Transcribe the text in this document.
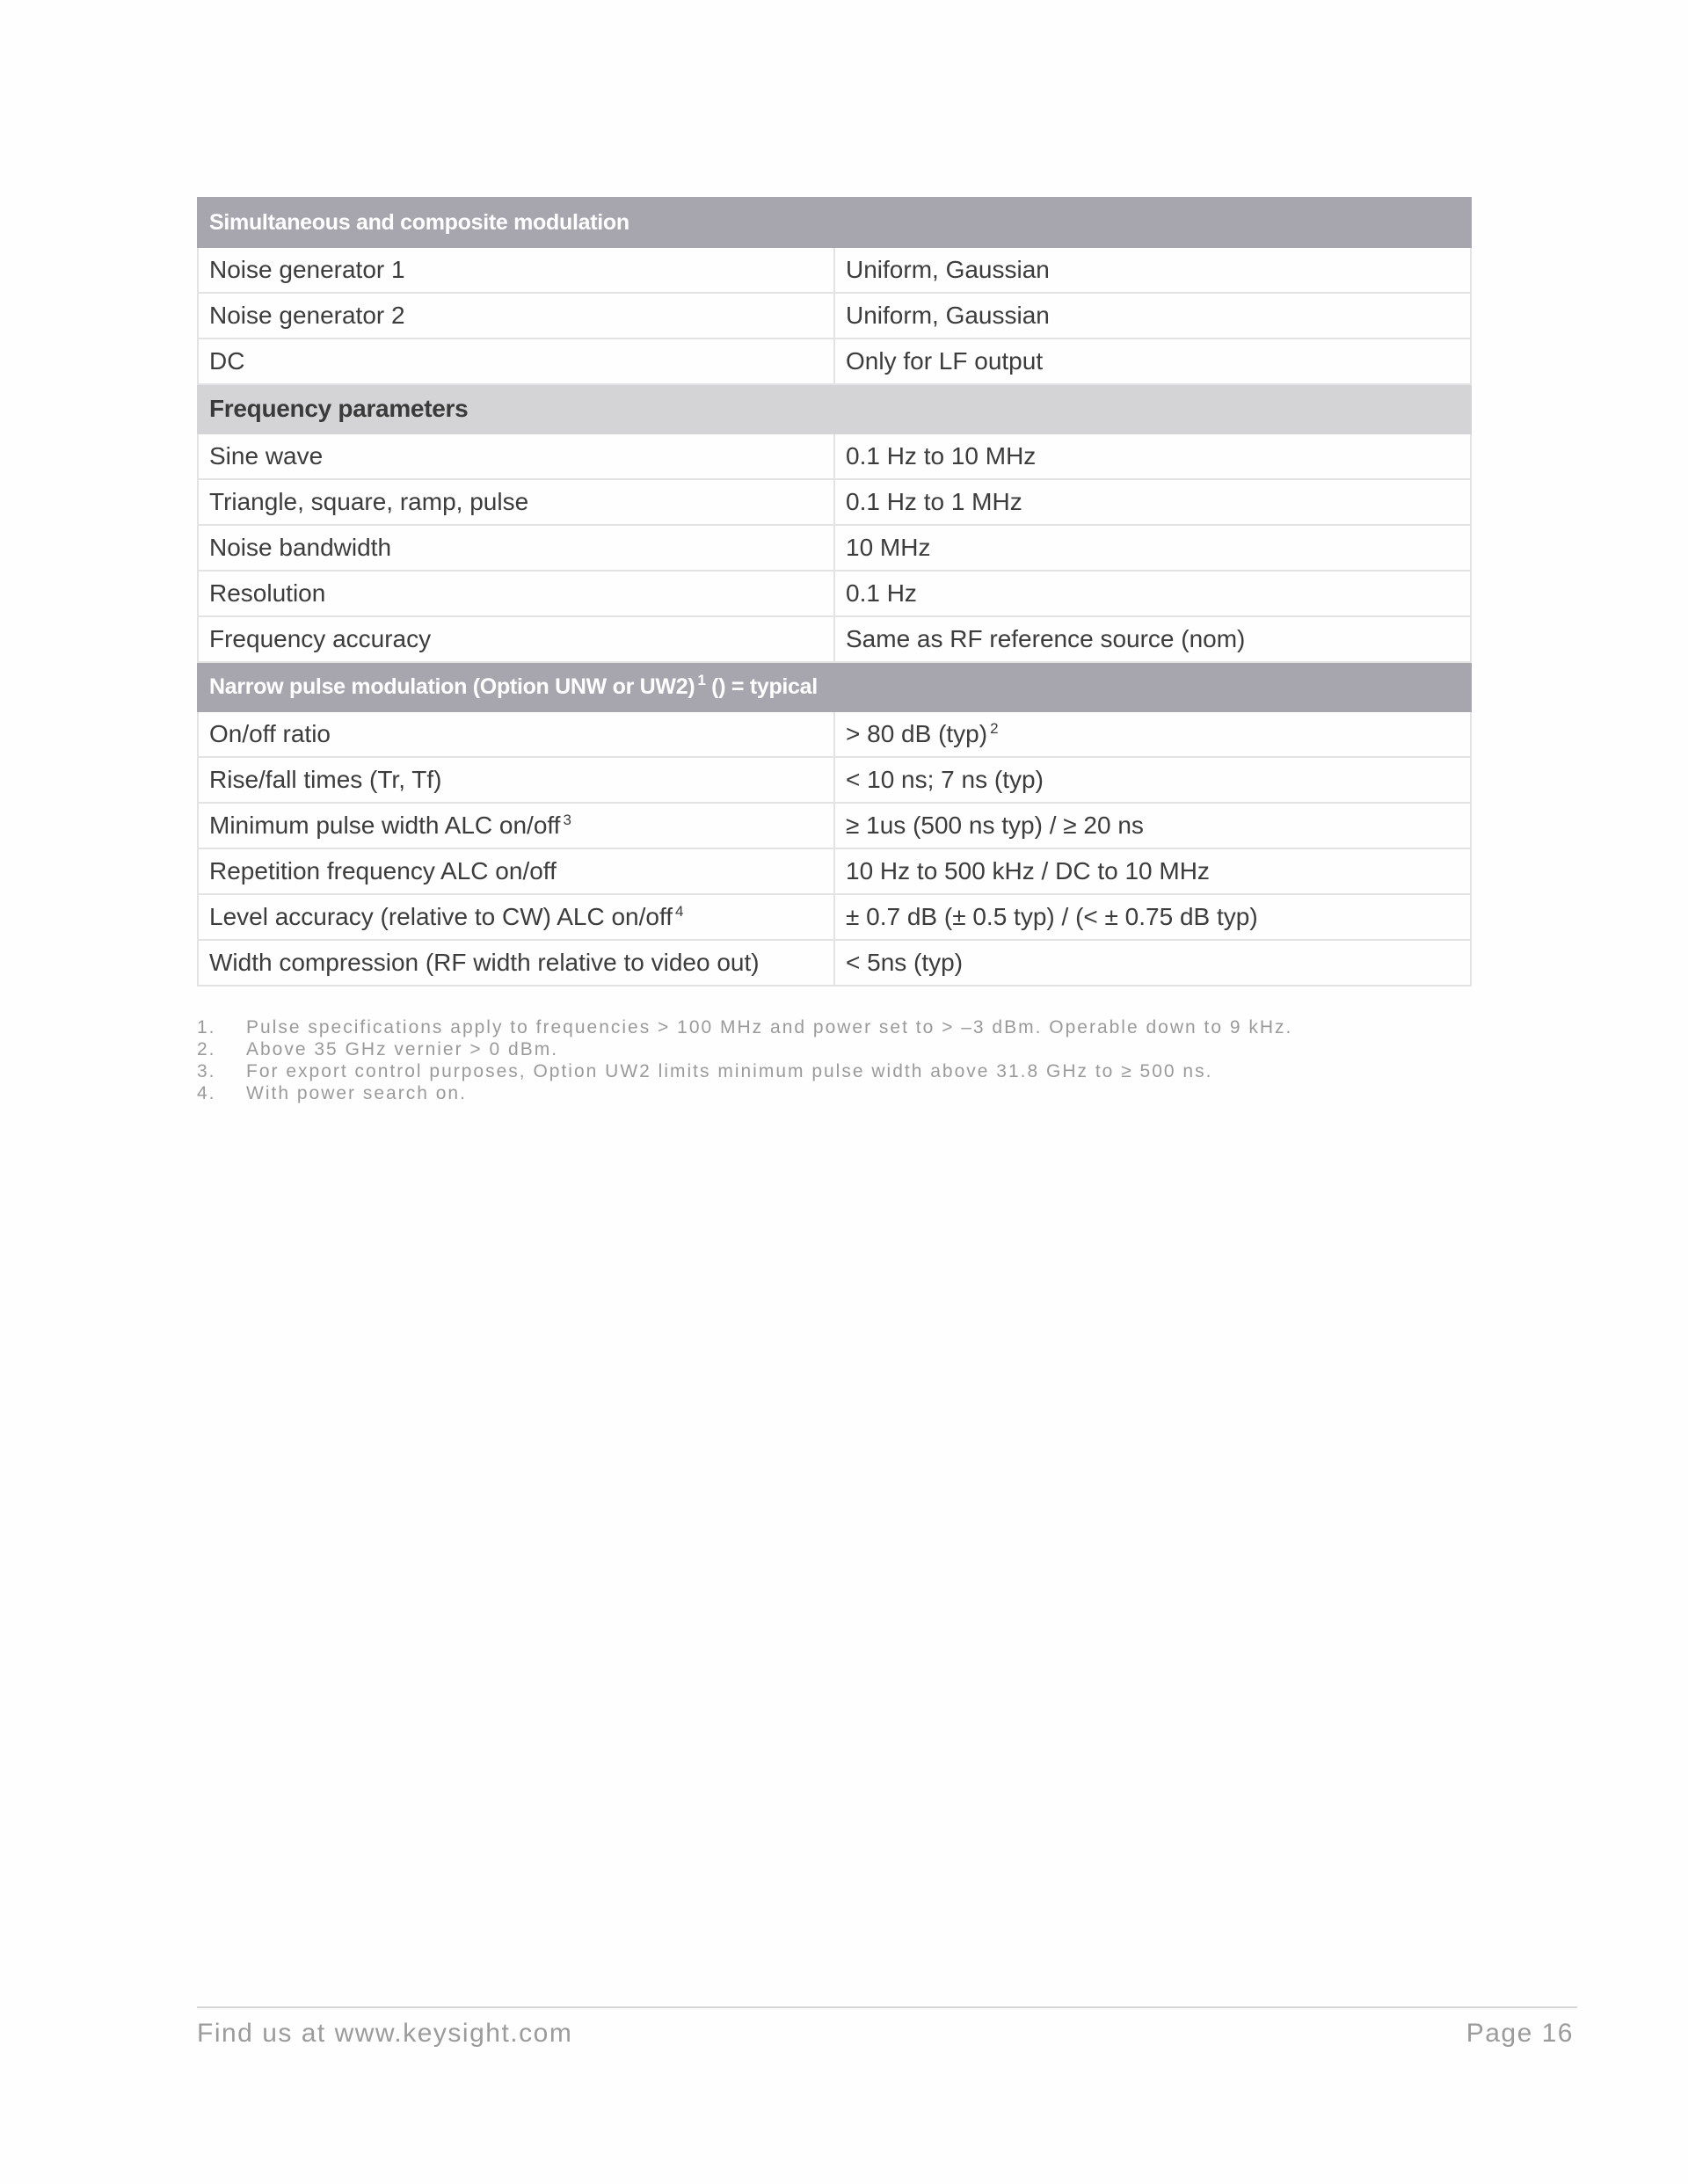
Simultaneous and composite modulation	
Noise generator 1	Uniform, Gaussian
Noise generator 2	Uniform, Gaussian
DC	Only for LF output
Frequency parameters	
Sine wave	0.1 Hz to 10 MHz
Triangle, square, ramp, pulse	0.1 Hz to 1 MHz
Noise bandwidth	10 MHz
Resolution	0.1 Hz
Frequency accuracy	Same as RF reference source (nom)
Narrow pulse modulation (Option UNW or UW2) $^1$ () = typical	
On/off ratio	> 80 dB (typ) $^2$
Rise/fall times (Tr, Tf)	< 10 ns; 7 ns (typ)
Minimum pulse width ALC on/off $^3$	≥ 1us (500 ns typ) / ≥ 20 ns
Repetition frequency ALC on/off	10 Hz to 500 kHz / DC to 10 MHz
Level accuracy (relative to CW) ALC on/off $^4$	± 0.7 dB (± 0.5 typ) / (< ± 0.75 dB typ)
Width compression (RF width relative to video out)	< 5ns (typ)
1. Pulse specifications apply to frequencies > 100 MHz and power set to > –3 dBm. Operable down to 9 kHz.
2. Above 35 GHz vernier > 0 dBm.
3. For export control purposes, Option UW2 limits minimum pulse width above 31.8 GHz to ≥ 500 ns.
4. With power search on.
Find us at www.keysight.com	Page 16
